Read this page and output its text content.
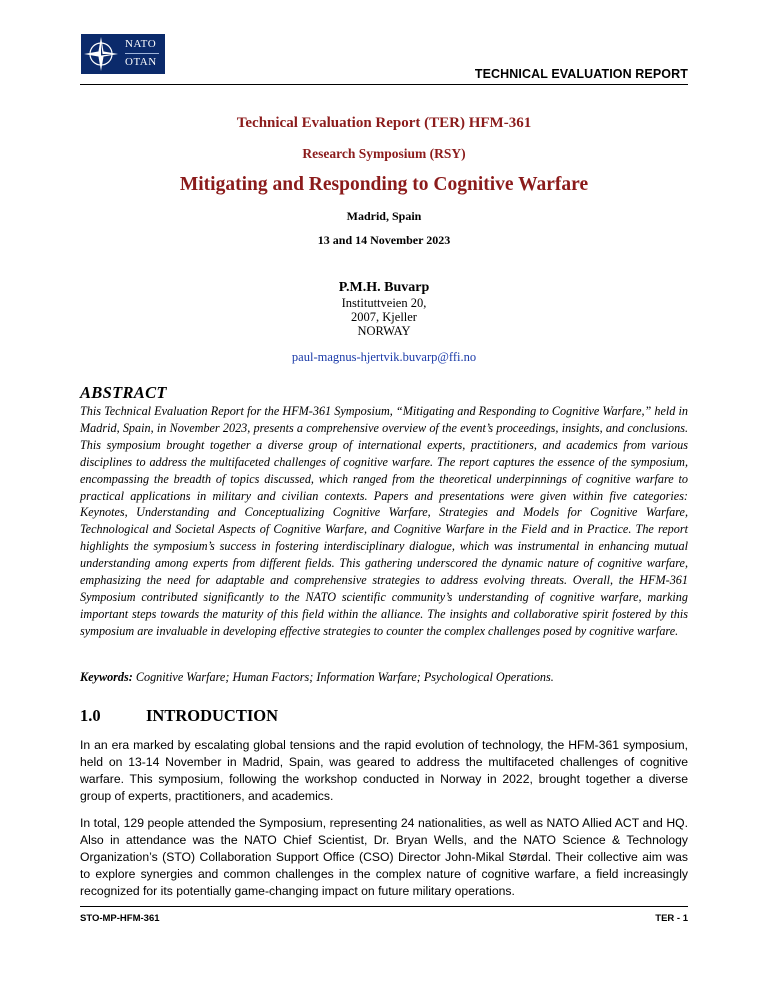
NATO
OTAN
TECHNICAL EVALUATION REPORT
Technical Evaluation Report (TER) HFM-361
Research Symposium (RSY)
Mitigating and Responding to Cognitive Warfare
Madrid, Spain
13 and 14 November 2023
P.M.H. Buvarp
Instituttveien 20,
2007, Kjeller
NORWAY
paul-magnus-hjertvik.buvarp@ffi.no
ABSTRACT
This Technical Evaluation Report for the HFM-361 Symposium, “Mitigating and Responding to Cognitive Warfare,” held in Madrid, Spain, in November 2023, presents a comprehensive overview of the event’s proceedings, insights, and conclusions. This symposium brought together a diverse group of international experts, practitioners, and academics from various disciplines to address the multifaceted challenges of cognitive warfare. The report captures the essence of the symposium, encompassing the breadth of topics discussed, which ranged from the theoretical underpinnings of cognitive warfare to practical applications in military and civilian contexts. Papers and presentations were given within five categories: Keynotes, Understanding and Conceptualizing Cognitive Warfare, Strategies and Models for Cognitive Warfare, Technological and Societal Aspects of Cognitive Warfare, and Cognitive Warfare in the Field and in Practice. The report highlights the symposium’s success in fostering interdisciplinary dialogue, which was instrumental in enhancing mutual understanding among experts from different fields. This gathering underscored the dynamic nature of cognitive warfare, emphasizing the need for adaptable and comprehensive strategies to address evolving threats. Overall, the HFM-361 Symposium contributed significantly to the NATO scientific community’s understanding of cognitive warfare, marking important steps towards the maturity of this field within the alliance. The insights and collaborative spirit fostered by this symposium are invaluable in developing effective strategies to counter the complex challenges posed by cognitive warfare.
Keywords: Cognitive Warfare; Human Factors; Information Warfare; Psychological Operations.
1.0	INTRODUCTION
In an era marked by escalating global tensions and the rapid evolution of technology, the HFM-361 symposium, held on 13-14 November in Madrid, Spain, was geared to address the multifaceted challenges of cognitive warfare. This symposium, following the workshop conducted in Norway in 2022, brought together a diverse group of experts, practitioners, and academics.
In total, 129 people attended the Symposium, representing 24 nationalities, as well as NATO Allied ACT and HQ. Also in attendance was the NATO Chief Scientist, Dr. Bryan Wells, and the NATO Science & Technology Organization’s (STO) Collaboration Support Office (CSO) Director John-Mikal Størdal. Their collective aim was to explore synergies and common challenges in the complex nature of cognitive warfare, a field increasingly recognized for its potentially game-changing impact on future military operations.
STO-MP-HFM-361	TER - 1
